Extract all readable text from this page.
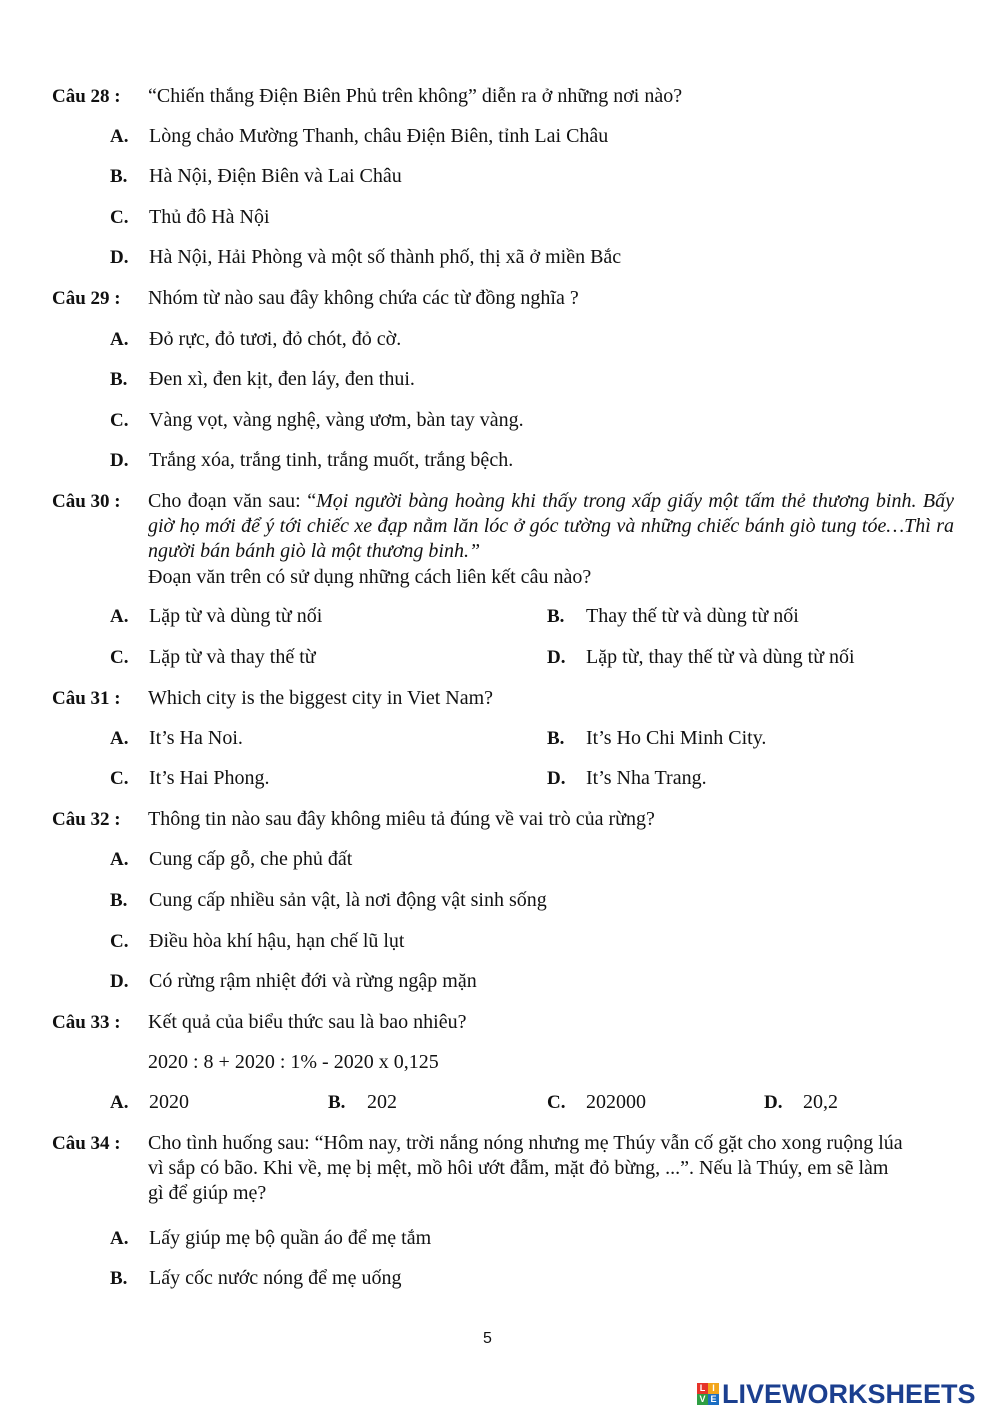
Câu 28 : “Chiến thắng Điện Biên Phủ trên không” diễn ra ở những nơi nào?
A. Lòng chảo Mường Thanh, châu Điện Biên, tỉnh Lai Châu
B. Hà Nội, Điện Biên và Lai Châu
C. Thủ đô Hà Nội
D. Hà Nội, Hải Phòng và một số thành phố, thị xã ở miền Bắc
Câu 29 : Nhóm từ nào sau đây không chứa các từ đồng nghĩa ?
A. Đỏ rực, đỏ tươi, đỏ chót, đỏ cờ.
B. Đen xì, đen kịt, đen láy, đen thui.
C. Vàng vọt, vàng nghệ, vàng ươm, bàn tay vàng.
D. Trắng xóa, trắng tinh, trắng muốt, trắng bệch.
Câu 30 : Cho đoạn văn sau: “Mọi người bàng hoàng khi thấy trong xấp giấy một tấm thẻ thương binh. Bấy giờ họ mới để ý tới chiếc xe đạp nằm lăn lóc ở góc tường và những chiếc bánh giò tung tóe…Thì ra người bán bánh giò là một thương binh.”
Đoạn văn trên có sử dụng những cách liên kết câu nào?
A. Lặp từ và dùng từ nối	B. Thay thế từ và dùng từ nối
C. Lặp từ và thay thế từ	D. Lặp từ, thay thế từ và dùng từ nối
Câu 31 : Which city is the biggest city in Viet Nam?
A. It’s Ha Noi.	B. It’s Ho Chi Minh City.
C. It’s Hai Phong.	D. It’s Nha Trang.
Câu 32 : Thông tin nào sau đây không miêu tả đúng về vai trò của rừng?
A. Cung cấp gỗ, che phủ đất
B. Cung cấp nhiều sản vật, là nơi động vật sinh sống
C. Điều hòa khí hậu, hạn chế lũ lụt
D. Có rừng rậm nhiệt đới và rừng ngập mặn
Câu 33 : Kết quả của biểu thức sau là bao nhiêu?
2020 : 8 + 2020 : 1% - 2020 x 0,125
A. 2020	B. 202	C. 202000	D. 20,2
Câu 34 : Cho tình huống sau: “Hôm nay, trời nắng nóng nhưng mẹ Thúy vẫn cố gặt cho xong ruộng lúa vì sắp có bão. Khi về, mẹ bị mệt, mồ hôi ướt đẫm, mặt đỏ bừng, ...”. Nếu là Thúy, em sẽ làm gì để giúp mẹ?
A. Lấy giúp mẹ bộ quần áo để mẹ tắm
B. Lấy cốc nước nóng để mẹ uống
5
L I
V E LIVEWORKSHEETS
